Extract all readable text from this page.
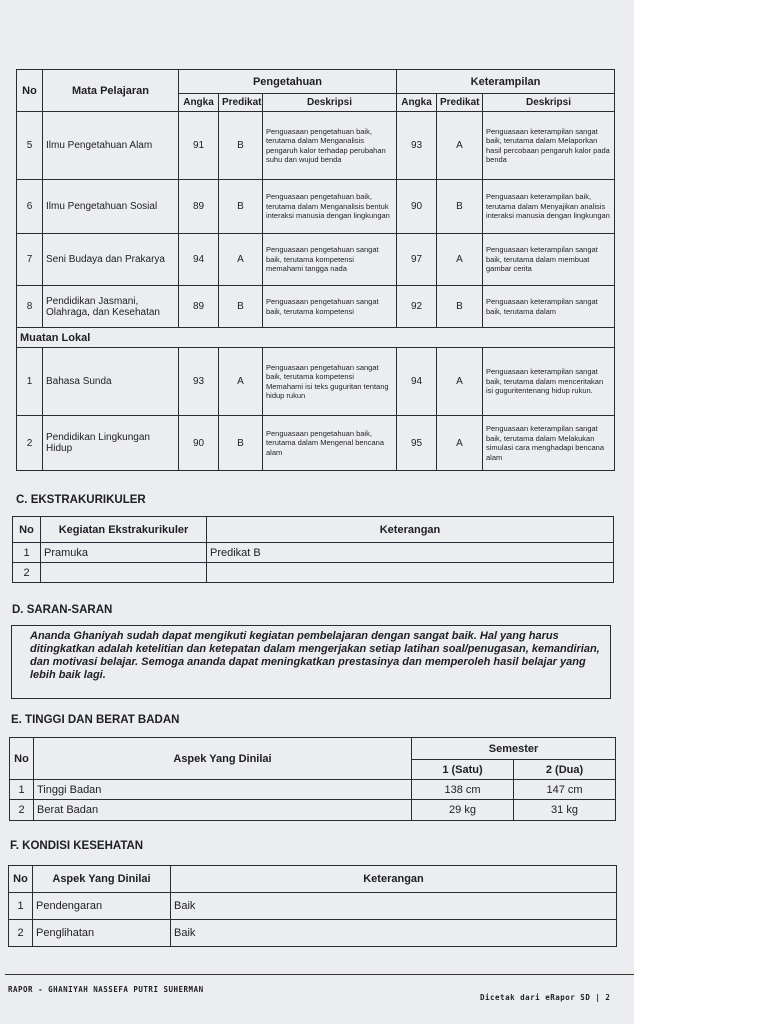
No	Mata Pelajaran	Pengetahuan			Keterampilan		
		Angka	Predikat	Deskripsi	Angka	Predikat	Deskripsi
5	Ilmu Pengetahuan Alam	91	B	Penguasaan pengetahuan baik, terutama dalam Menganalisis pengaruh kalor terhadap perubahan suhu dan wujud benda	93	A	Penguasaan keterampilan sangat baik, terutama dalam Melaporkan hasil percobaan pengaruh kalor pada benda
6	Ilmu Pengetahuan Sosial	89	B	Penguasaan pengetahuan baik, terutama dalam Menganalisis bentuk interaksi manusia dengan lingkungan	90	B	Penguasaan keterampilan baik, terutama dalam Menyajikan analisis interaksi manusia dengan lingkungan
7	Seni Budaya dan Prakarya	94	A	Penguasaan pengetahuan sangat baik, terutama kompetensi memahami tangga nada	97	A	Penguasaan keterampilan sangat baik, terutama dalam membuat gambar cerita
8	Pendidikan Jasmani, Olahraga, dan Kesehatan	89	B	Penguasaan pengetahuan sangat baik, terutama kompetensi	92	B	Penguasaan keterampilan sangat baik, terutama dalam
Muatan Lokal							
1	Bahasa Sunda	93	A	Penguasaan pengetahuan sangat baik, terutama kompetensi Memahami isi teks guguritan tentang hidup rukun	94	A	Penguasaan keterampilan sangat baik, terutama dalam menceritakan isi guguritentenang hidup rukun.
2	Pendidikan Lingkungan Hidup	90	B	Penguasaan pengetahuan baik, terutama dalam Mengenal bencana alam	95	A	Penguasaan keterampilan sangat baik, terutama dalam Melakukan simulasi cara menghadapi bencana alam
C. EKSTRAKURIKULER
No	Kegiatan Ekstrakurikuler	Keterangan
1	Pramuka	Predikat B
2		
D. SARAN-SARAN
Ananda Ghaniyah sudah dapat mengikuti kegiatan pembelajaran dengan sangat baik. Hal yang harus ditingkatkan adalah ketelitian dan ketepatan dalam mengerjakan setiap latihan soal/penugasan, kemandirian, dan motivasi belajar. Semoga ananda dapat meningkatkan prestasinya dan memperoleh hasil belajar yang lebih baik lagi.
E. TINGGI DAN BERAT BADAN
No	Aspek Yang Dinilai	Semester	
		1 (Satu)	2 (Dua)
1	Tinggi Badan	138 cm	147 cm
2	Berat Badan	29 kg	31 kg
F. KONDISI KESEHATAN
No	Aspek Yang Dinilai	Keterangan
1	Pendengaran	Baik
2	Penglihatan	Baik
RAPOR - GHANIYAH NASSEFA PUTRI SUHERMAN
Dicetak dari eRapor SD | 2
